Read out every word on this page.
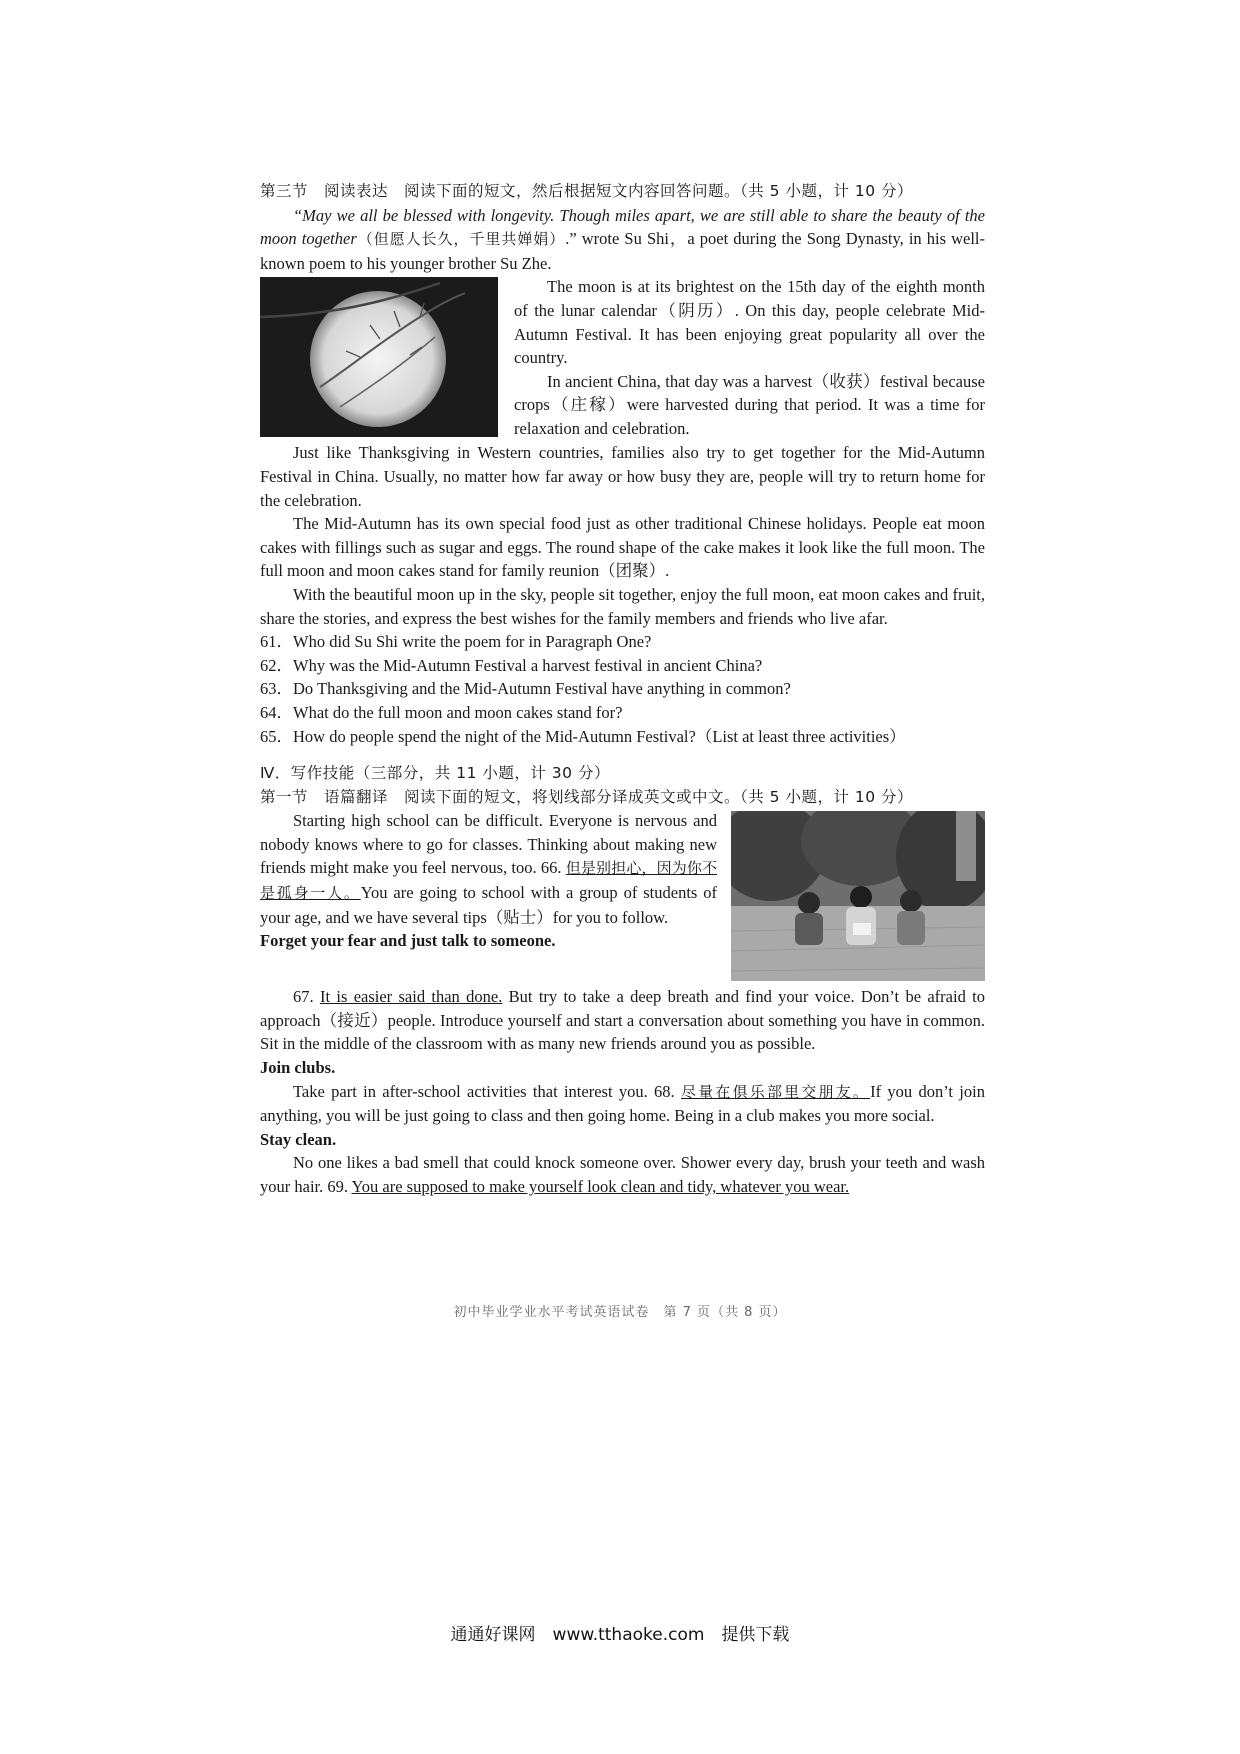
第三节　阅读表达　阅读下面的短文，然后根据短文内容回答问题。（共 5 小题，计 10 分）

“May we all be blessed with longevity. Though miles apart, we are still able to share the beauty of the moon together（但愿人长久，千里共婵娟）.” wrote Su Shi，a poet during the Song Dynasty, in his well-known poem to his younger brother Su Zhe.

The moon is at its brightest on the 15th day of the eighth month of the lunar calendar（阴历）. On this day, people celebrate Mid-Autumn Festival. It has been enjoying great popularity all over the country.

In ancient China, that day was a harvest（收获）festival because crops（庄稼）were harvested during that period. It was a time for relaxation and celebration.

Just like Thanksgiving in Western countries, families also try to get together for the Mid-Autumn Festival in China. Usually, no matter how far away or how busy they are, people will try to return home for the celebration.

The Mid-Autumn has its own special food just as other traditional Chinese holidays. People eat moon cakes with fillings such as sugar and eggs. The round shape of the cake makes it look like the full moon. The full moon and moon cakes stand for family reunion（团聚）.

With the beautiful moon up in the sky, people sit together, enjoy the full moon, eat moon cakes and fruit, share the stories, and express the best wishes for the family members and friends who live afar.

61．Who did Su Shi write the poem for in Paragraph One?

62．Why was the Mid-Autumn Festival a harvest festival in ancient China?

63．Do Thanksgiving and the Mid-Autumn Festival have anything in common?

64．What do the full moon and moon cakes stand for?

65．How do people spend the night of the Mid-Autumn Festival?（List at least three activities）

Ⅳ．写作技能（三部分，共 11 小题，计 30 分）

第一节　语篇翻译　阅读下面的短文，将划线部分译成英文或中文。（共 5 小题，计 10 分）

Starting high school can be difficult. Everyone is nervous and nobody knows where to go for classes. Thinking about making new friends might make you feel nervous, too. 66. 但是别担心，因为你不是孤身一人。You are going to school with a group of students of your age, and we have several tips（贴士）for you to follow.

Forget your fear and just talk to someone.

67. It is easier said than done. But try to take a deep breath and find your voice. Don’t be afraid to approach（接近）people. Introduce yourself and start a conversation about something you have in common. Sit in the middle of the classroom with as many new friends around you as possible.

Join clubs.

Take part in after-school activities that interest you. 68. 尽量在俱乐部里交朋友。If you don’t join anything, you will be just going to class and then going home. Being in a club makes you more social.

Stay clean.

No one likes a bad smell that could knock someone over. Shower every day, brush your teeth and wash your hair. 69. You are supposed to make yourself look clean and tidy, whatever you wear.

初中毕业学业水平考试英语试卷　第 7 页（共 8 页）
通通好课网　www.tthaoke.com　提供下载
